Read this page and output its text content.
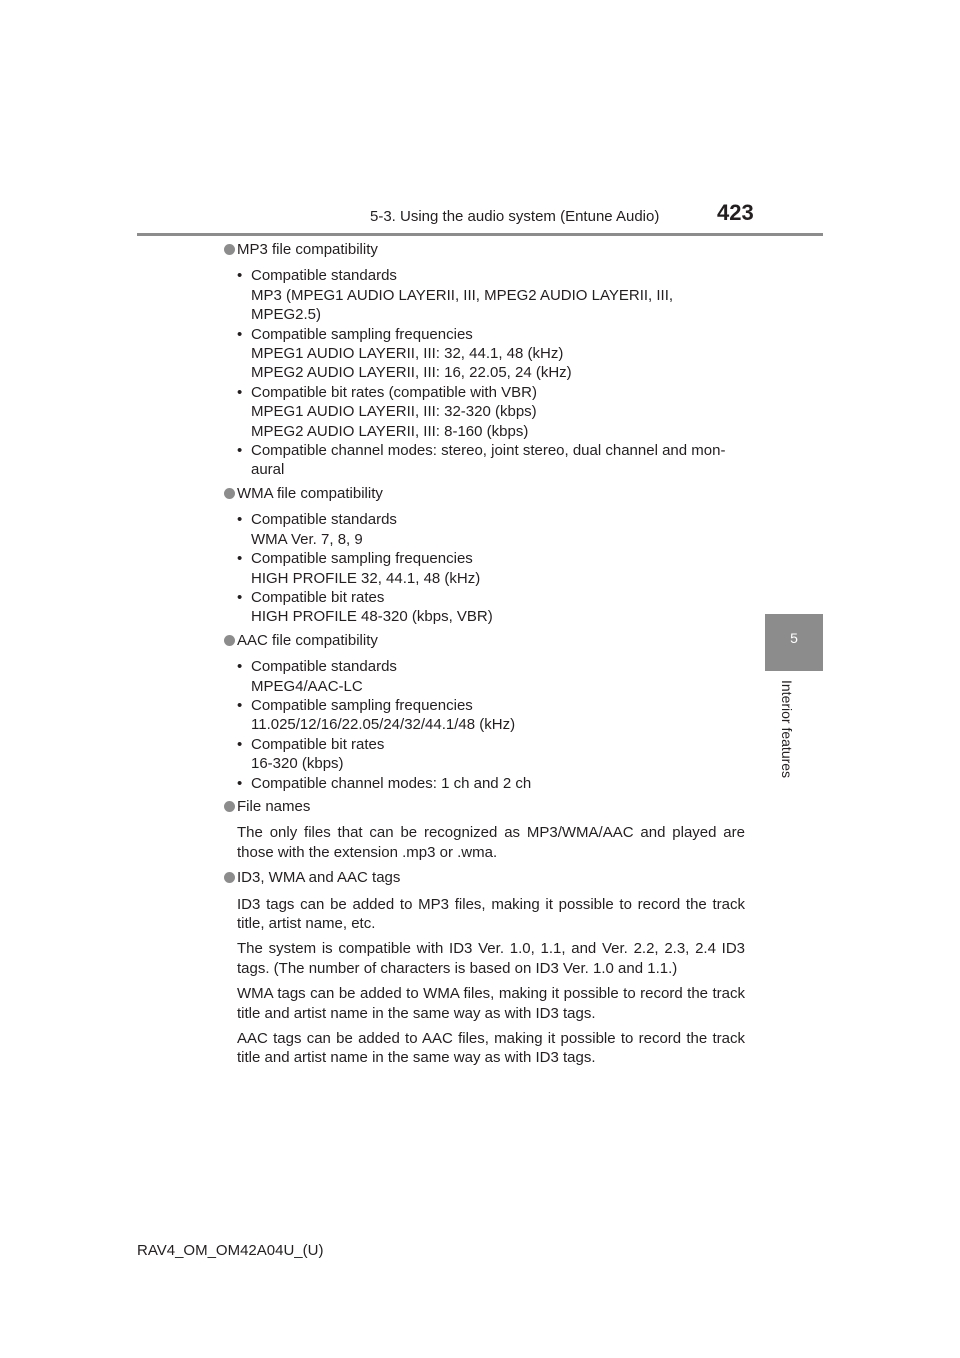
5-3. Using the audio system (Entune Audio)	423
5
Interior features
MP3 file compatibility
• Compatible standards
MP3 (MPEG1 AUDIO LAYERII, III, MPEG2 AUDIO LAYERII, III,
MPEG2.5)
• Compatible sampling frequencies
MPEG1 AUDIO LAYERII, III: 32, 44.1, 48 (kHz)
MPEG2 AUDIO LAYERII, III: 16, 22.05, 24 (kHz)
• Compatible bit rates (compatible with VBR)
MPEG1 AUDIO LAYERII, III: 32-320 (kbps)
MPEG2 AUDIO LAYERII, III: 8-160 (kbps)
• Compatible channel modes: stereo, joint stereo, dual channel and mon-
aural
WMA file compatibility
• Compatible standards
WMA Ver. 7, 8, 9
• Compatible sampling frequencies
HIGH PROFILE 32, 44.1, 48 (kHz)
• Compatible bit rates
HIGH PROFILE 48-320 (kbps, VBR)
AAC file compatibility
• Compatible standards
MPEG4/AAC-LC
• Compatible sampling frequencies
11.025/12/16/22.05/24/32/44.1/48 (kHz)
• Compatible bit rates
16-320 (kbps)
• Compatible channel modes: 1 ch and 2 ch
File names
The only files that can be recognized as MP3/WMA/AAC and played are those with the extension .mp3 or .wma.
ID3, WMA and AAC tags
ID3 tags can be added to MP3 files, making it possible to record the track title, artist name, etc.
The system is compatible with ID3 Ver. 1.0, 1.1, and Ver. 2.2, 2.3, 2.4 ID3 tags. (The number of characters is based on ID3 Ver. 1.0 and 1.1.)
WMA tags can be added to WMA files, making it possible to record the track title and artist name in the same way as with ID3 tags.
AAC tags can be added to AAC files, making it possible to record the track title and artist name in the same way as with ID3 tags.
RAV4_OM_OM42A04U_(U)
